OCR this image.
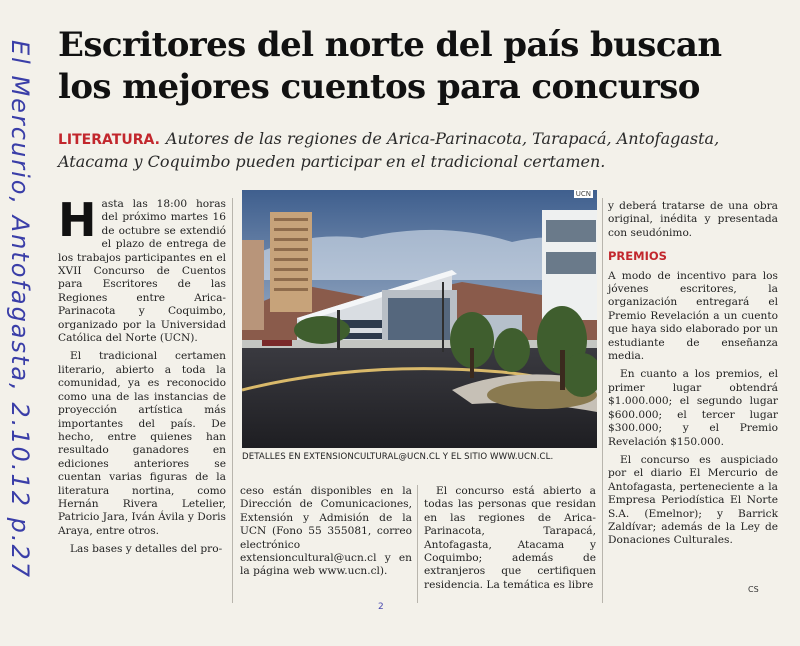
El Mercurio, Antofagasta, 2.10.12 p.27 Escritores del norte del país buscan los mejores cuentos para concurso
LITERATURA. Autores de las regiones de Arica-Parinacota, Tarapacá, Antofagasta, Atacama y Coquimbo pueden participar en el tradicional certamen.

Hasta las 18:00 horas del próximo martes 16 de octubre se extendió el plazo de entrega de los trabajos participantes en el XVII Concurso de Cuentos para Escritores de las Regiones entre Arica-Parinacota y Coquimbo, organizado por la Universidad Católica del Norte (UCN).

El tradicional certamen literario, abierto a toda la comunidad, ya es reconocido como una de las instancias de proyección artística más importantes del país. De hecho, entre quienes han resultado ganadores en ediciones anteriores se cuentan varias figuras de la literatura nortina, como Hernán Rivera Letelier, Patricio Jara, Iván Ávila y Doris Araya, entre otros.

Las bases y detalles del pro-

UCN
DETALLES EN EXTENSIONCULTURAL@UCN.CL Y EL SITIO WWW.UCN.CL.

ceso están disponibles en la Dirección de Comunicaciones, Extensión y Admisión de la UCN (Fono 55 355081, correo electrónico extensioncultural@ucn.cl y en la página web www.ucn.cl).

El concurso está abierto a todas las personas que residan en las regiones de Arica-Parinacota, Tarapacá, Antofagasta, Atacama y Coquimbo; además de extranjeros que certifiquen residencia. La temática es libre

y deberá tratarse de una obra original, inédita y presentada con seudónimo.

PREMIOS

A modo de incentivo para los jóvenes escritores, la organización entregará el Premio Revelación a un cuento que haya sido elaborado por un estudiante de enseñanza media.

En cuanto a los premios, el primer lugar obtendrá $1.000.000; el segundo lugar $600.000; el tercer lugar $300.000; y el Premio Revelación $150.000.

El concurso es auspiciado por el diario El Mercurio de Antofagasta, perteneciente a la Empresa Periodística El Norte S.A. (Emelnor); y Barrick Zaldívar; además de la Ley de Donaciones Culturales.

CS
2
